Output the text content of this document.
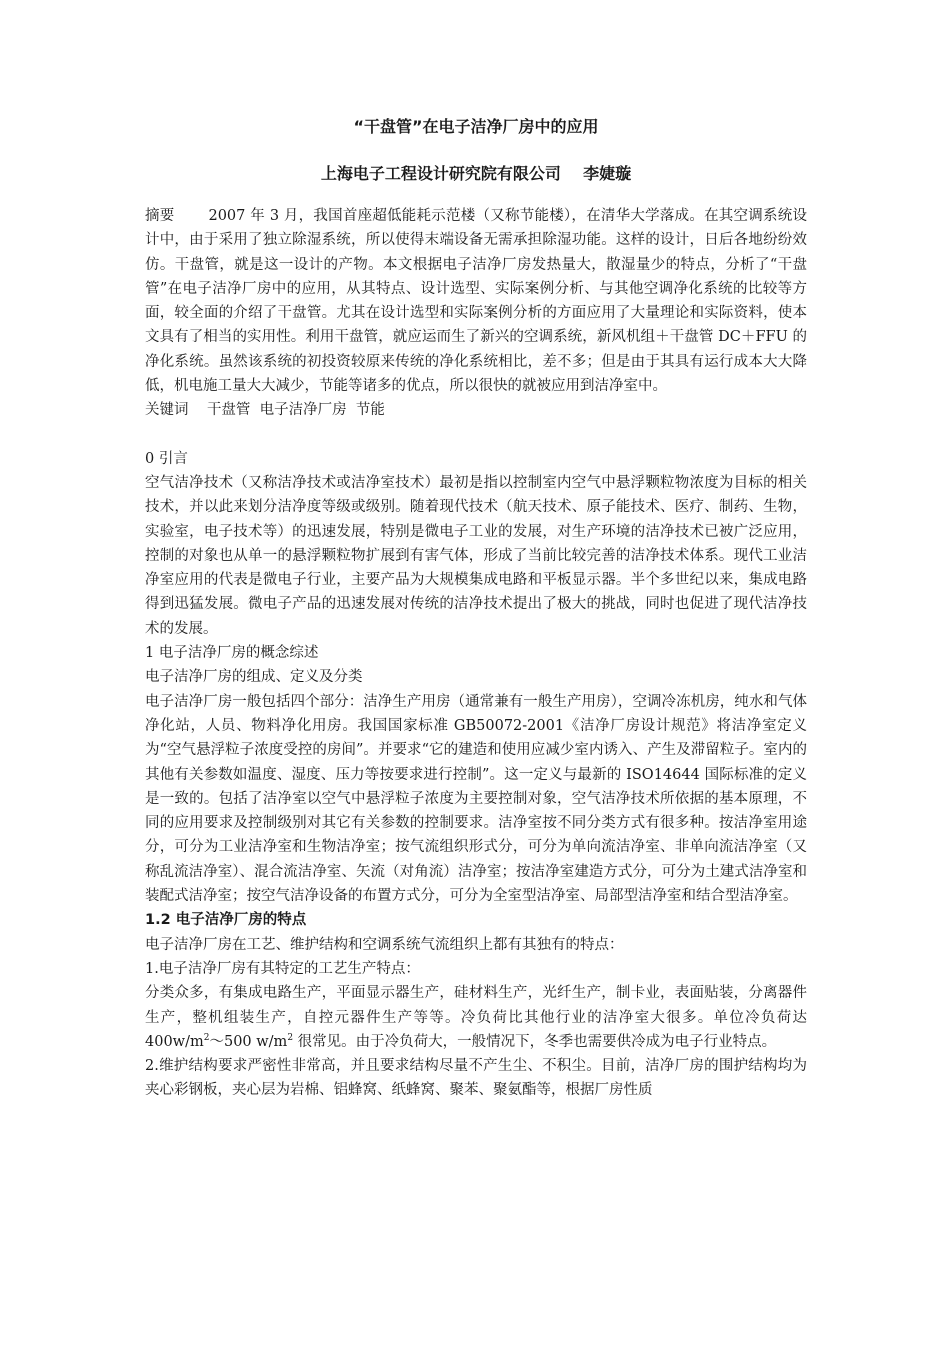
“干盘管”在电子洁净厂房中的应用

上海电子工程设计研究院有限公司    李婕璇

摘要 2007 年 3 月，我国首座超低能耗示范楼（又称节能楼），在清华大学落成。在其空调系统设计中，由于采用了独立除湿系统，所以使得末端设备无需承担除湿功能。这样的设计，日后各地纷纷效仿。干盘管，就是这一设计的产物。本文根据电子洁净厂房发热量大，散湿量少的特点，分析了“干盘管”在电子洁净厂房中的应用，从其特点、设计选型、实际案例分析、与其他空调净化系统的比较等方面，较全面的介绍了干盘管。尤其在设计选型和实际案例分析的方面应用了大量理论和实际资料，使本文具有了相当的实用性。利用干盘管，就应运而生了新兴的空调系统，新风机组＋干盘管 DC＋FFU 的净化系统。虽然该系统的初投资较原来传统的净化系统相比，差不多；但是由于其具有运行成本大大降低，机电施工量大大减少，节能等诸多的优点，所以很快的就被应用到洁净室中。

关键词 干盘管  电子洁净厂房  节能

0 引言

空气洁净技术（又称洁净技术或洁净室技术）最初是指以控制室内空气中悬浮颗粒物浓度为目标的相关技术，并以此来划分洁净度等级或级别。随着现代技术（航天技术、原子能技术、医疗、制药、生物，实验室，电子技术等）的迅速发展，特别是微电子工业的发展，对生产环境的洁净技术已被广泛应用，控制的对象也从单一的悬浮颗粒物扩展到有害气体，形成了当前比较完善的洁净技术体系。现代工业洁净室应用的代表是微电子行业，主要产品为大规模集成电路和平板显示器。半个多世纪以来，集成电路得到迅猛发展。微电子产品的迅速发展对传统的洁净技术提出了极大的挑战，同时也促进了现代洁净技术的发展。

1 电子洁净厂房的概念综述

电子洁净厂房的组成、定义及分类

电子洁净厂房一般包括四个部分：洁净生产用房（通常兼有一般生产用房），空调冷冻机房，纯水和气体净化站，人员、物料净化用房。我国国家标准 GB50072-2001《洁净厂房设计规范》将洁净室定义为“空气悬浮粒子浓度受控的房间”。并要求“它的建造和使用应减少室内诱入、产生及滞留粒子。室内的其他有关参数如温度、湿度、压力等按要求进行控制”。这一定义与最新的 ISO14644 国际标准的定义是一致的。包括了洁净室以空气中悬浮粒子浓度为主要控制对象，空气洁净技术所依据的基本原理，不同的应用要求及控制级别对其它有关参数的控制要求。洁净室按不同分类方式有很多种。按洁净室用途分，可分为工业洁净室和生物洁净室；按气流组织形式分，可分为单向流洁净室、非单向流洁净室（又称乱流洁净室）、混合流洁净室、矢流（对角流）洁净室；按洁净室建造方式分，可分为土建式洁净室和装配式洁净室；按空气洁净设备的布置方式分，可分为全室型洁净室、局部型洁净室和结合型洁净室。

1.2 电子洁净厂房的特点

电子洁净厂房在工艺、维护结构和空调系统气流组织上都有其独有的特点：

1.电子洁净厂房有其特定的工艺生产特点：

分类众多，有集成电路生产，平面显示器生产，硅材料生产，光纤生产，制卡业，表面贴装，分离器件生产，整机组装生产，自控元器件生产等等。冷负荷比其他行业的洁净室大很多。单位冷负荷达 $400w/m^2\sim 500$ $w/m^2$ 很常见。由于冷负荷大，一般情况下，冬季也需要供冷成为电子行业特点。

2.维护结构要求严密性非常高，并且要求结构尽量不产生尘、不积尘。目前，洁净厂房的围护结构均为夹心彩钢板，夹心层为岩棉、铝蜂窝、纸蜂窝、聚苯、聚氨酯等，根据厂房性质
